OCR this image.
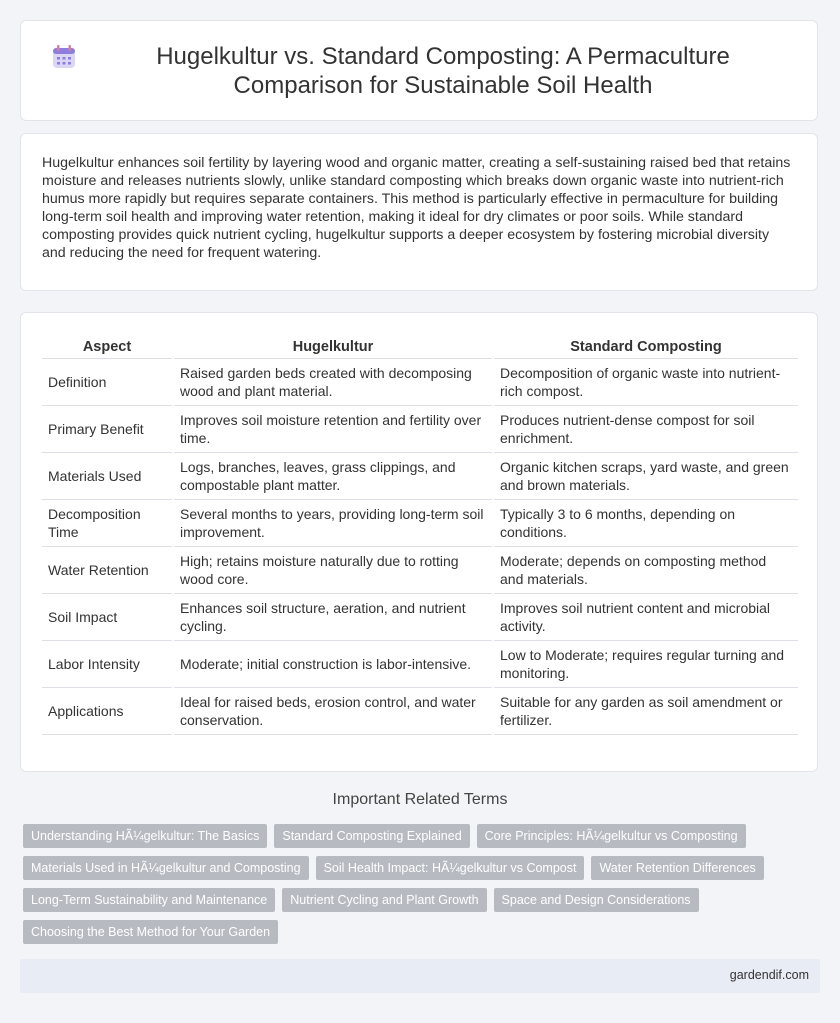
Hugelkultur vs. Standard Composting: A Permaculture Comparison for Sustainable Soil Health

Hugelkultur enhances soil fertility by layering wood and organic matter, creating a self-sustaining raised bed that retains moisture and releases nutrients slowly, unlike standard composting which breaks down organic waste into nutrient-rich humus more rapidly but requires separate containers. This method is particularly effective in permaculture for building long-term soil health and improving water retention, making it ideal for dry climates or poor soils. While standard composting provides quick nutrient cycling, hugelkultur supports a deeper ecosystem by fostering microbial diversity and reducing the need for frequent watering.

Aspect	Hugelkultur	Standard Composting
Definition	Raised garden beds created with decomposing wood and plant material.	Decomposition of organic waste into nutrient-rich compost.
Primary Benefit	Improves soil moisture retention and fertility over time.	Produces nutrient-dense compost for soil enrichment.
Materials Used	Logs, branches, leaves, grass clippings, and compostable plant matter.	Organic kitchen scraps, yard waste, and green and brown materials.
Decomposition Time	Several months to years, providing long-term soil improvement.	Typically 3 to 6 months, depending on conditions.
Water Retention	High; retains moisture naturally due to rotting wood core.	Moderate; depends on composting method and materials.
Soil Impact	Enhances soil structure, aeration, and nutrient cycling.	Improves soil nutrient content and microbial activity.
Labor Intensity	Moderate; initial construction is labor-intensive.	Low to Moderate; requires regular turning and monitoring.
Applications	Ideal for raised beds, erosion control, and water conservation.	Suitable for any garden as soil amendment or fertilizer.
Important Related Terms
Understanding HÃ¼gelkultur: The Basics	Standard Composting Explained	Core Principles: HÃ¼gelkultur vs Composting
Materials Used in HÃ¼gelkultur and Composting	Soil Health Impact: HÃ¼gelkultur vs Compost	Water Retention Differences
Long-Term Sustainability and Maintenance	Nutrient Cycling and Plant Growth	Space and Design Considerations
Choosing the Best Method for Your Garden
gardendif.com
